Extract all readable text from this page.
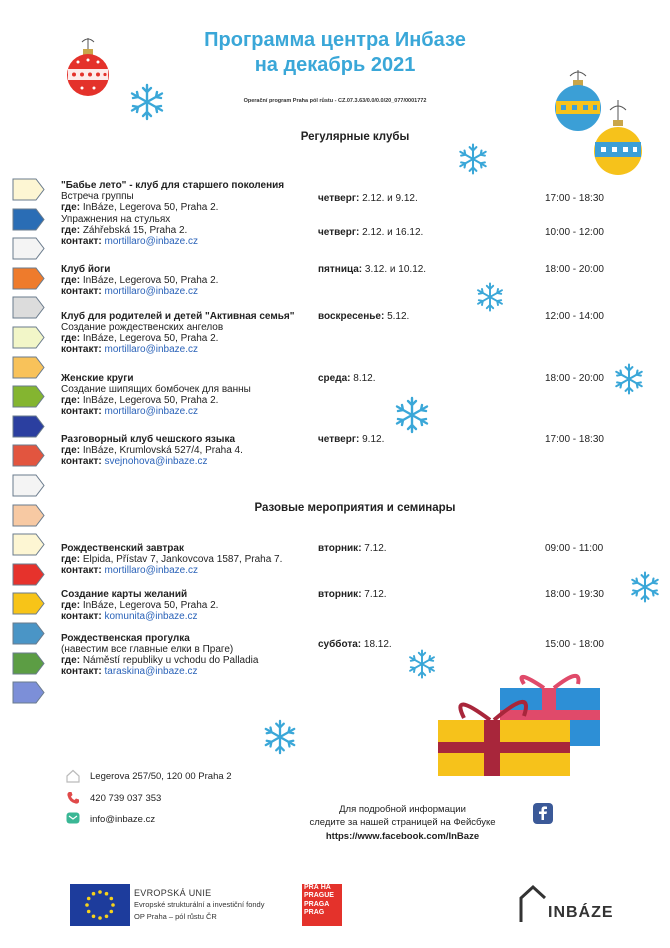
Программа центра Инбазе
на декабрь 2021
Operační program Praha pól růstu - CZ.07.3.63/0.0/0.0/20_077/0001772
Регулярные клубы
"Бабье лето" - клуб для старшего поколения
Встреча группы
где: InBáze, Legerova 50, Praha 2.
четверг: 2.12. и 9.12.	17:00 - 18:30
Упражнения на стульях
где: Záhřebská 15, Praha 2.
контакт: mortillaro@inbaze.cz
четверг: 2.12. и 16.12.	10:00 - 12:00
Клуб йоги
где: InBáze, Legerova 50, Praha 2.
контакт: mortillaro@inbaze.cz
пятница: 3.12. и 10.12.	18:00 - 20:00
Клуб для родителей и детей "Активная семья"
Создание рождественских ангелов
где: InBáze, Legerova 50, Praha 2.
контакт: mortillaro@inbaze.cz
воскресенье: 5.12.	12:00 - 14:00
Женские круги
Создание шипящих бомбочек для ванны
где: InBáze, Legerova 50, Praha 2.
контакт: mortillaro@inbaze.cz
среда: 8.12.	18:00 - 20:00
Разговорный клуб чешского языка
где: InBáze, Krumlovská 527/4, Praha 4.
контакт: svejnohova@inbaze.cz
четверг: 9.12.	17:00 - 18:30
Разовые мероприятия и семинары
Рождественский завтрак
где: Elpida, Přístav 7, Jankovcova 1587, Praha 7.
контакт: mortillaro@inbaze.cz
вторник: 7.12.	09:00 - 11:00
Создание карты желаний
где: InBáze, Legerova 50, Praha 2.
контакт: komunita@inbaze.cz
вторник: 7.12.	18:00 - 19:30
Рождественская прогулка
(навестим все главные елки в Праге)
где: Náměstí republiky u vchodu do Palladia
контакт: taraskina@inbaze.cz
суббота: 18.12.	15:00 - 18:00
Legerova 257/50, 120 00 Praha 2
420 739 037 353
info@inbaze.cz
Для подробной информации
следите за нашей страницей на Фейсбуке
https://www.facebook.com/InBaze
EVROPSKÁ UNIE
Evropské strukturální a investiční fondy
OP Praha – pól růstu ČR
PRA HA
PRAGUE
PRAGA
PRAG	INBÁZE
